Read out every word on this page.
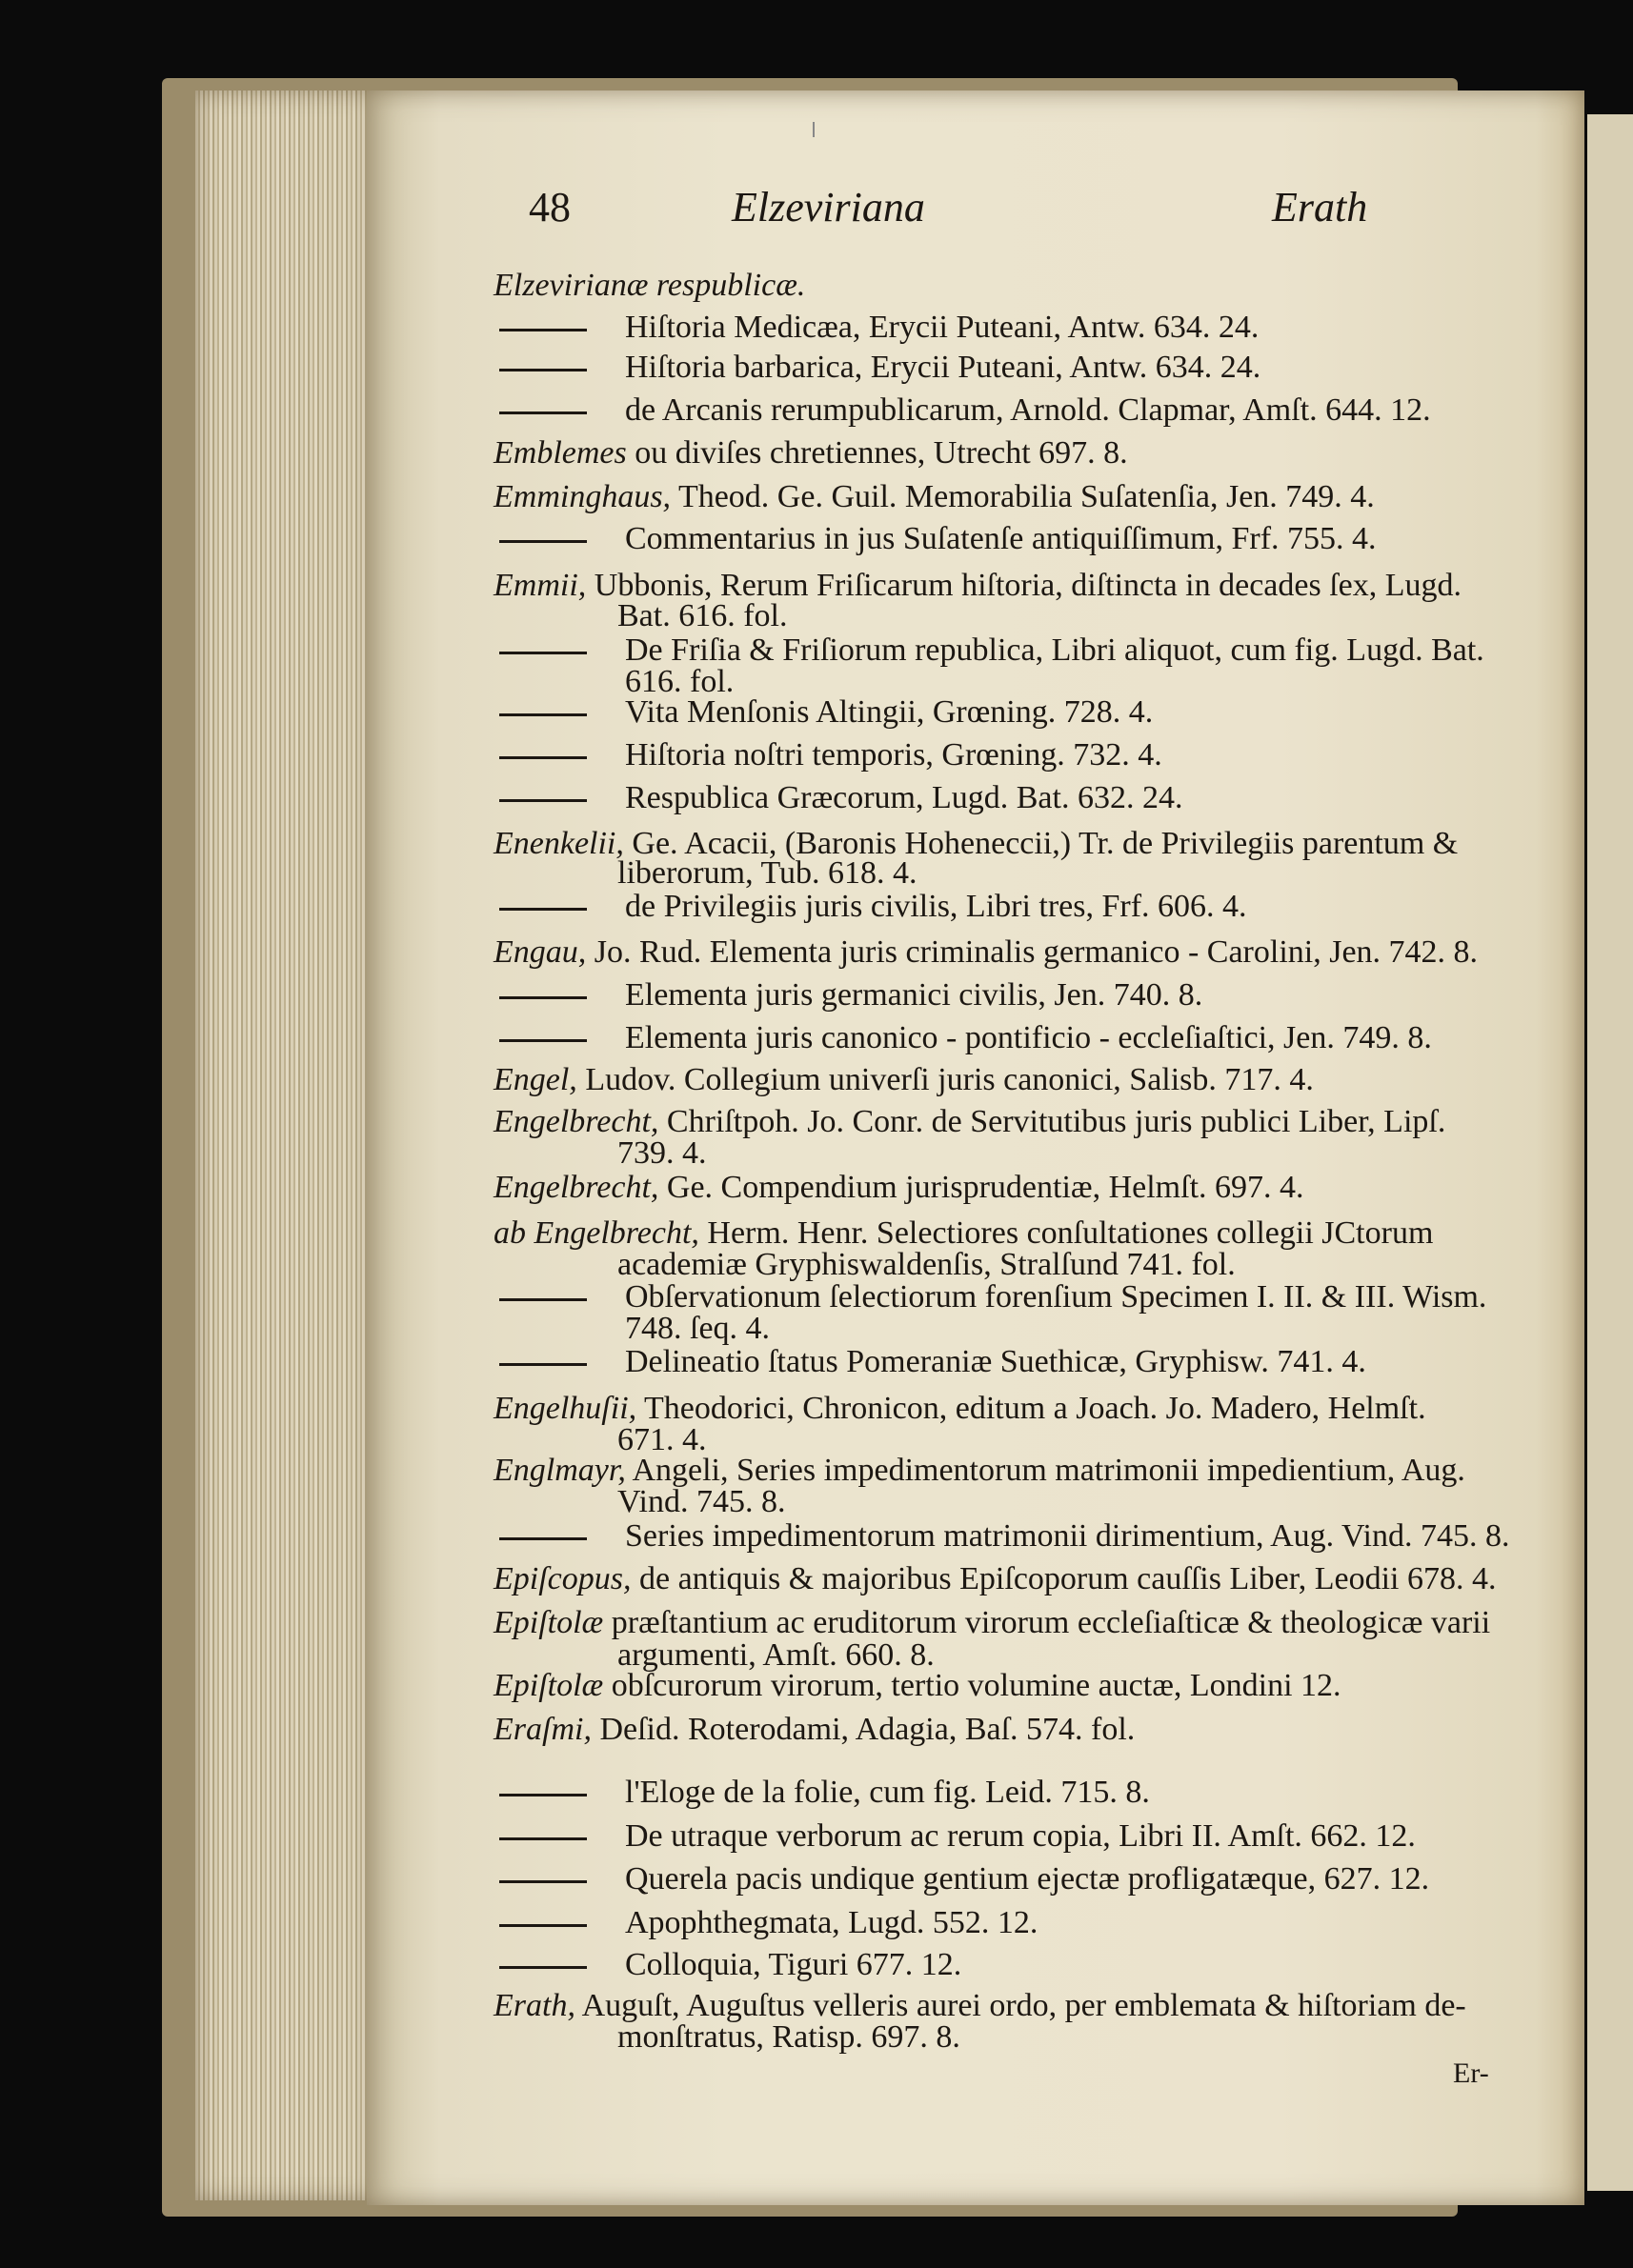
48	Elzeviriana	Erath
Elzevirianæ respublicæ.
Hiſtoria Medicæa, Erycii Puteani, Antw. 634. 24.
Hiſtoria barbarica, Erycii Puteani, Antw. 634. 24.
de Arcanis rerumpublicarum, Arnold. Clapmar, Amſt. 644. 12.
Emblemes ou diviſes chretiennes, Utrecht 697. 8.
Emminghaus, Theod. Ge. Guil. Memorabilia Suſatenſia, Jen. 749. 4.
Commentarius in jus Suſatenſe antiquiſſimum, Frf. 755. 4.
Emmii, Ubbonis, Rerum Friſicarum hiſtoria, diſtincta in decades ſex, Lugd.
Bat. 616. fol.
De Friſia & Friſiorum republica, Libri aliquot, cum fig. Lugd. Bat.
616. fol.
Vita Menſonis Altingii, Grœning. 728. 4.
Hiſtoria noſtri temporis, Grœning. 732. 4.
Respublica Græcorum, Lugd. Bat. 632. 24.
Enenkelii, Ge. Acacii, (Baronis Hoheneccii,) Tr. de Privilegiis parentum &
liberorum, Tub. 618. 4.
de Privilegiis juris civilis, Libri tres, Frf. 606. 4.
Engau, Jo. Rud. Elementa juris criminalis germanico - Carolini, Jen. 742. 8.
Elementa juris germanici civilis, Jen. 740. 8.
Elementa juris canonico - pontificio - eccleſiaſtici, Jen. 749. 8.
Engel, Ludov. Collegium univerſi juris canonici, Salisb. 717. 4.
Engelbrecht, Chriſtpoh. Jo. Conr. de Servitutibus juris publici Liber, Lipſ.
739. 4.
Engelbrecht, Ge. Compendium jurisprudentiæ, Helmſt. 697. 4.
ab Engelbrecht, Herm. Henr. Selectiores conſultationes collegii JCtorum
academiæ Gryphiswaldenſis, Stralſund 741. fol.
Obſervationum ſelectiorum forenſium Specimen I. II. & III. Wism.
748. ſeq. 4.
Delineatio ſtatus Pomeraniæ Suethicæ, Gryphisw. 741. 4.
Engelhuſii, Theodorici, Chronicon, editum a Joach. Jo. Madero, Helmſt.
671. 4.
Englmayr, Angeli, Series impedimentorum matrimonii impedientium, Aug.
Vind. 745. 8.
Series impedimentorum matrimonii dirimentium, Aug. Vind. 745. 8.
Epiſcopus, de antiquis & majoribus Epiſcoporum cauſſis Liber, Leodii 678. 4.
Epiſtolæ præſtantium ac eruditorum virorum eccleſiaſticæ & theologicæ varii
argumenti, Amſt. 660. 8.
Epiſtolæ obſcurorum virorum, tertio volumine auctæ, Londini 12.
Eraſmi, Deſid. Roterodami, Adagia, Baſ. 574. fol.
l'Eloge de la folie, cum fig. Leid. 715. 8.
De utraque verborum ac rerum copia, Libri II. Amſt. 662. 12.
Querela pacis undique gentium ejectæ profligatæque, 627. 12.
Apophthegmata, Lugd. 552. 12.
Colloquia, Tiguri 677. 12.
Erath, Auguſt, Auguſtus velleris aurei ordo, per emblemata & hiſtoriam de-
monſtratus, Ratisp. 697. 8.
Er-
